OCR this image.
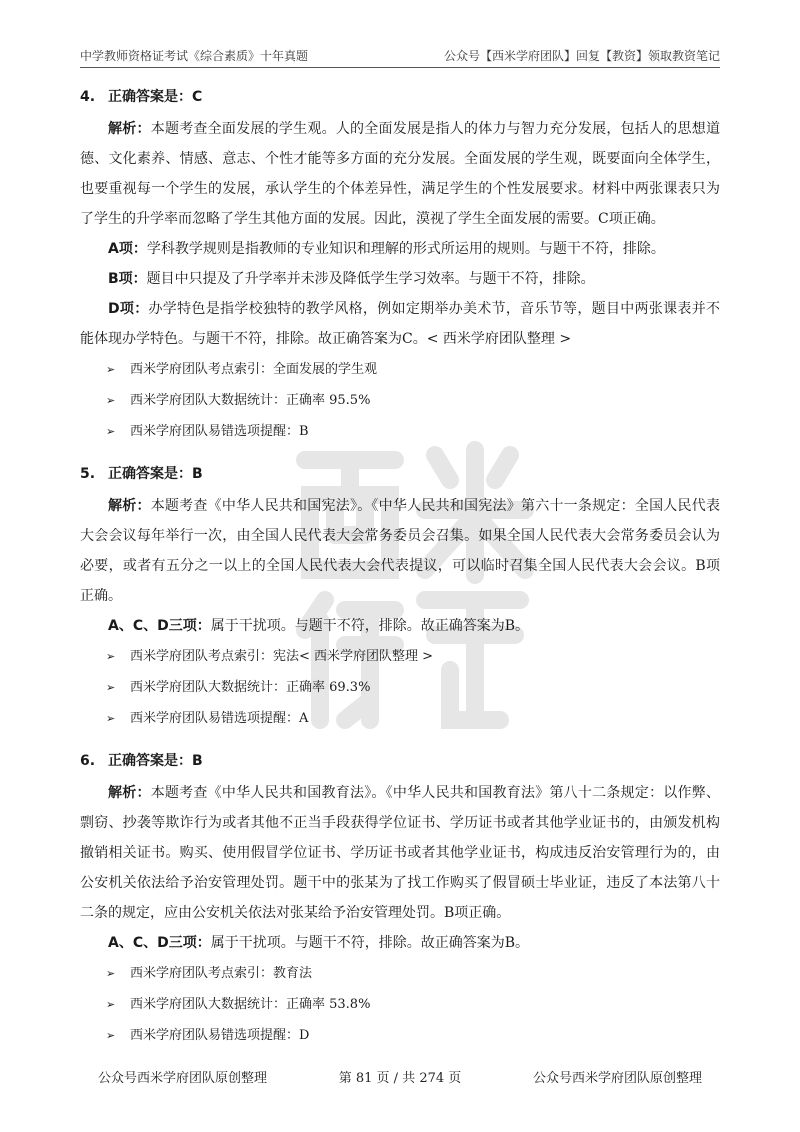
中学教师资格证考试《综合素质》十年真题	公众号【西米学府团队】回复【教资】领取教资笔记
4. 正确答案是：C

解析：本题考查全面发展的学生观。人的全面发展是指人的体力与智力充分发展，包括人的思想道德、文化素养、情感、意志、个性才能等多方面的充分发展。全面发展的学生观，既要面向全体学生，也要重视每一个学生的发展，承认学生的个体差异性，满足学生的个性发展要求。材料中两张课表只为了学生的升学率而忽略了学生其他方面的发展。因此，漠视了学生全面发展的需要。C项正确。

A项：学科教学规则是指教师的专业知识和理解的形式所运用的规则。与题干不符，排除。

B项：题目中只提及了升学率并未涉及降低学生学习效率。与题干不符，排除。

D项：办学特色是指学校独特的教学风格，例如定期举办美术节，音乐节等，题目中两张课表并不能体现办学特色。与题干不符，排除。故正确答案为C。< 西米学府团队整理 >

➢	西米学府团队考点索引：全面发展的学生观
➢	西米学府团队大数据统计：正确率 95.5%
➢	西米学府团队易错选项提醒：B
5. 正确答案是：B

解析：本题考查《中华人民共和国宪法》。《中华人民共和国宪法》第六十一条规定：全国人民代表大会会议每年举行一次，由全国人民代表大会常务委员会召集。如果全国人民代表大会常务委员会认为必要，或者有五分之一以上的全国人民代表大会代表提议，可以临时召集全国人民代表大会会议。B项正确。

A、C、D三项：属于干扰项。与题干不符，排除。故正确答案为B。

➢	西米学府团队考点索引：宪法< 西米学府团队整理 >
➢	西米学府团队大数据统计：正确率 69.3%
➢	西米学府团队易错选项提醒：A
6. 正确答案是：B

解析：本题考查《中华人民共和国教育法》。《中华人民共和国教育法》第八十二条规定：以作弊、剽窃、抄袭等欺诈行为或者其他不正当手段获得学位证书、学历证书或者其他学业证书的，由颁发机构撤销相关证书。购买、使用假冒学位证书、学历证书或者其他学业证书，构成违反治安管理行为的，由公安机关依法给予治安管理处罚。题干中的张某为了找工作购买了假冒硕士毕业证，违反了本法第八十二条的规定，应由公安机关依法对张某给予治安管理处罚。B项正确。

A、C、D三项：属于干扰项。与题干不符，排除。故正确答案为B。

➢	西米学府团队考点索引：教育法
➢	西米学府团队大数据统计：正确率 53.8%
➢	西米学府团队易错选项提醒：D
公众号西米学府团队原创整理	第 81 页 / 共 274 页	公众号西米学府团队原创整理
